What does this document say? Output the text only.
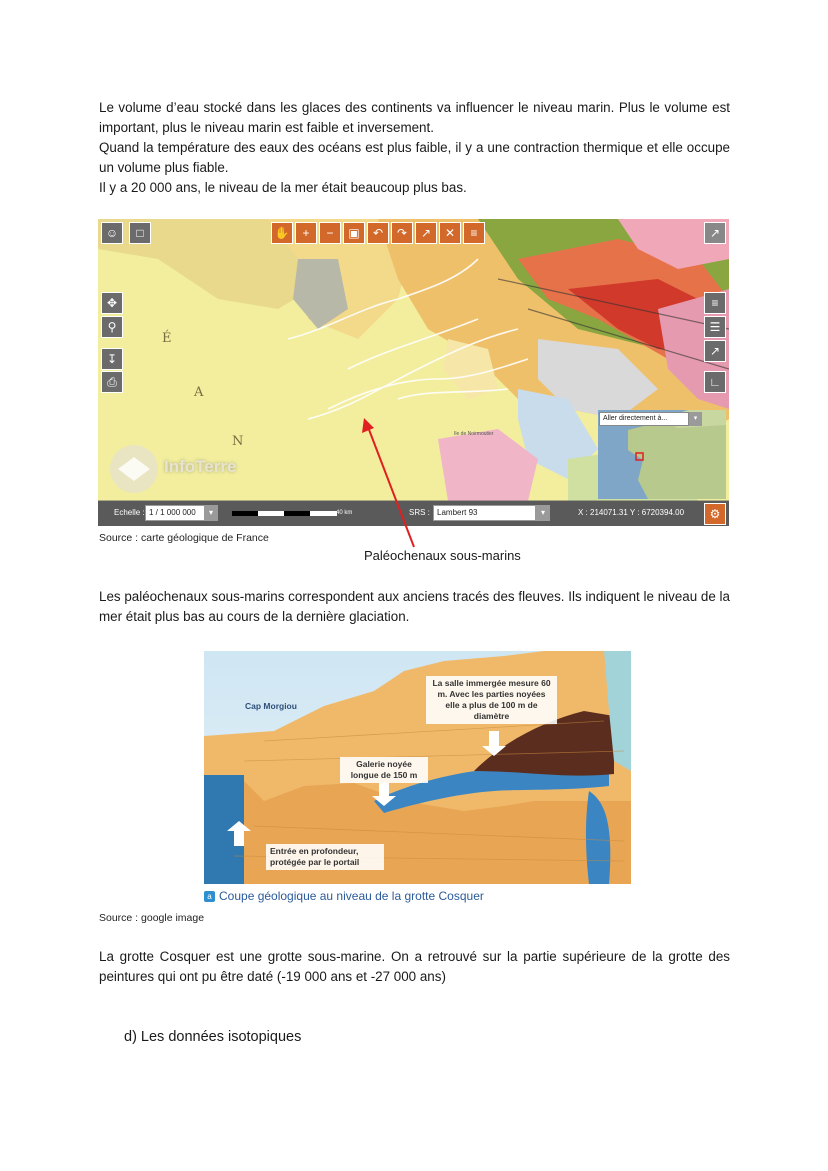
Le volume d’eau stocké dans les glaces des continents va influencer le niveau marin. Plus le volume est important, plus le niveau marin est faible et inversement.

Quand la température des eaux des océans est plus faible, il y a une contraction thermique et elle occupe un volume plus fiable.

Il y a 20 000 ans, le niveau de la mer était beaucoup plus bas.

☺	□	✋	+	−	▣	↶	↷	↗	✕	≡
✥
⚲
↧
⎙
≡
☰
↗
∟
↗
É
A
N	Ile de Noirmoutier
InfoTerre
Aller directement à...	▾
Echelle : 1 / 1 000 000	▾	40 km	SRS : Lambert 93	▾	X : 214071.31 Y : 6720394.00	⚙

Source : carte géologique de France

Paléochenaux sous-marins

Les paléochenaux sous-marins correspondent aux anciens tracés des fleuves. Ils indiquent le niveau de la mer était plus bas au cours de la dernière glaciation.

Cap Morgiou
La salle immergée mesure 60 m. Avec les parties noyées elle a plus de 100 m de diamètre
Galerie noyée longue de 150 m
Entrée en profondeur, protégée par le portail
a Coupe géologique au niveau de la grotte Cosquer

Source : google image

La grotte Cosquer est une grotte sous-marine. On a retrouvé sur la partie supérieure de la grotte des peintures qui ont pu être daté (-19 000 ans et -27 000 ans)

d) Les données isotopiques
